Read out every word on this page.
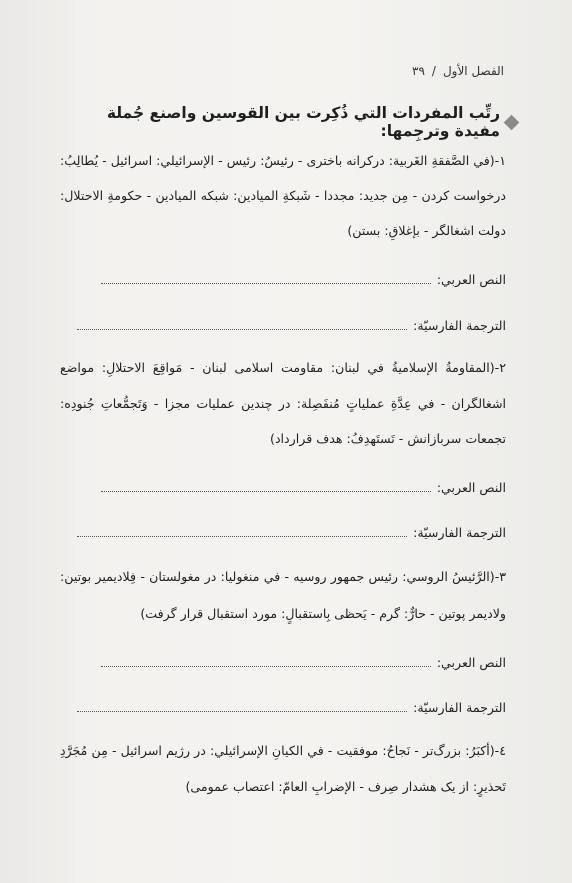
الفصل الأول/٣٩
رتِّب المفردات التي ذُكِرت بين القوسين واصنع جُملة مفيدة وترجِمها:
١-(في الصَّفقةِ الغَربية: درکرانه باختری - رئيسُ: رئيس - الإسرائيلي: اسرائيل - يُطالِبُ:
درخواست کردن - مِن جديد: مجددا - شَبكةِ الميادين: شبکه الميادين - حكومةِ الاحتلال:
دولت اشغالگر - بإغلاقِ: بستن)
النص العربي:
الترجمة الفارسيّة:
٢-(المقاومةُ الإسلاميةُ في لبنان: مقاومت اسلامی لبنان - مَواقِعَ الاحتلالِ: مواضع
اشغالگران - في عِدَّةِ عملياتٍ مُنفَصِلة: در چندين عمليات مجزا - وَتَجمُّعاتِ جُنودِه:
تجمعات سربازانش - تَستَهدِفُ: هدف قرارداد)
النص العربي:
الترجمة الفارسيّة:
٣-(الرَّئيسُ الروسي: رئيس جمهور روسيه - في منغوليا: در مغولستان - فِلاديمير بوتين:
ولاديمر پوتين - حارٌّ: گرم - يَحظى بِاستقبالٍ: مورد استقبال قرار گرفت)
النص العربي:
الترجمة الفارسيّة:
٤-(أكبَرُ: بزرگ‌تر - نَجاحُ: موفقيت - في الكيانِ الإسرائيلي: در رژيم اسرائيل - مِن مُجَرَّدِ
تَحذيرٍ: از يک هشدار صِرف - الإضرابِ العامّ: اعتصاب عمومی)
